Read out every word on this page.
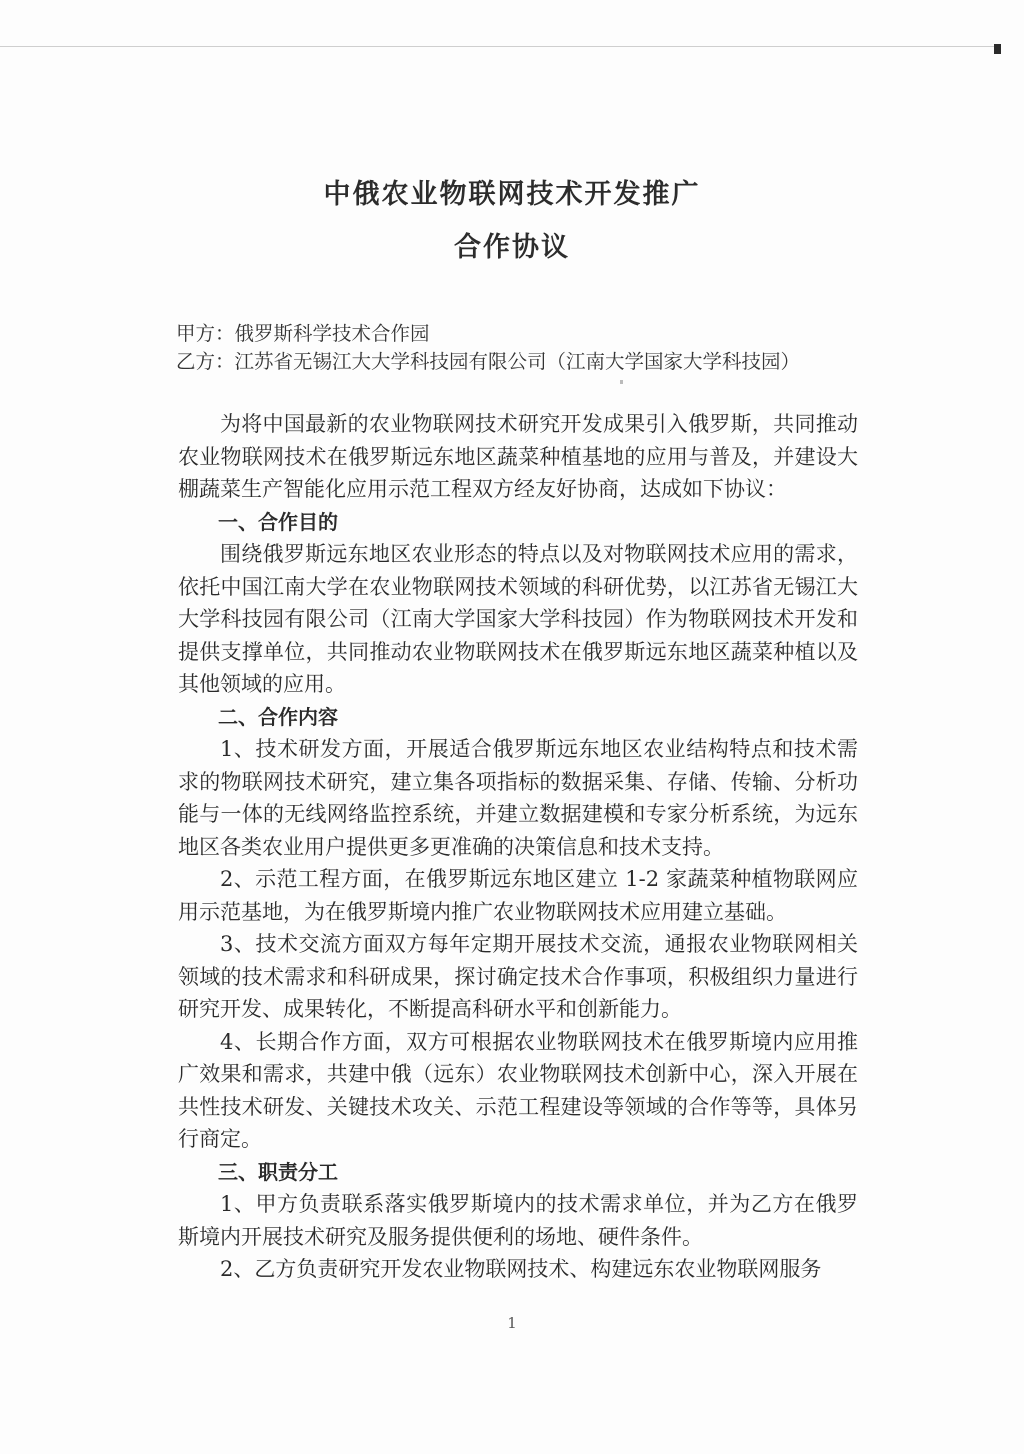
中俄农业物联网技术开发推广
合作协议
甲方：俄罗斯科学技术合作园
乙方：江苏省无锡江大大学科技园有限公司（江南大学国家大学科技园）

为将中国最新的农业物联网技术研究开发成果引入俄罗斯，共同推动农业物联网技术在俄罗斯远东地区蔬菜种植基地的应用与普及，并建设大棚蔬菜生产智能化应用示范工程双方经友好协商，达成如下协议：

一、合作目的

围绕俄罗斯远东地区农业形态的特点以及对物联网技术应用的需求，依托中国江南大学在农业物联网技术领域的科研优势，以江苏省无锡江大大学科技园有限公司（江南大学国家大学科技园）作为物联网技术开发和提供支撑单位，共同推动农业物联网技术在俄罗斯远东地区蔬菜种植以及其他领域的应用。

二、合作内容

1、技术研发方面，开展适合俄罗斯远东地区农业结构特点和技术需求的物联网技术研究，建立集各项指标的数据采集、存储、传输、分析功能与一体的无线网络监控系统，并建立数据建模和专家分析系统，为远东地区各类农业用户提供更多更准确的决策信息和技术支持。

2、示范工程方面，在俄罗斯远东地区建立 1-2 家蔬菜种植物联网应用示范基地，为在俄罗斯境内推广农业物联网技术应用建立基础。

3、技术交流方面双方每年定期开展技术交流，通报农业物联网相关领域的技术需求和科研成果，探讨确定技术合作事项，积极组织力量进行研究开发、成果转化，不断提高科研水平和创新能力。

4、长期合作方面，双方可根据农业物联网技术在俄罗斯境内应用推广效果和需求，共建中俄（远东）农业物联网技术创新中心，深入开展在共性技术研发、关键技术攻关、示范工程建设等领域的合作等等，具体另行商定。

三、职责分工

1、甲方负责联系落实俄罗斯境内的技术需求单位，并为乙方在俄罗斯境内开展技术研究及服务提供便利的场地、硬件条件。

2、乙方负责研究开发农业物联网技术、构建远东农业物联网服务

1
